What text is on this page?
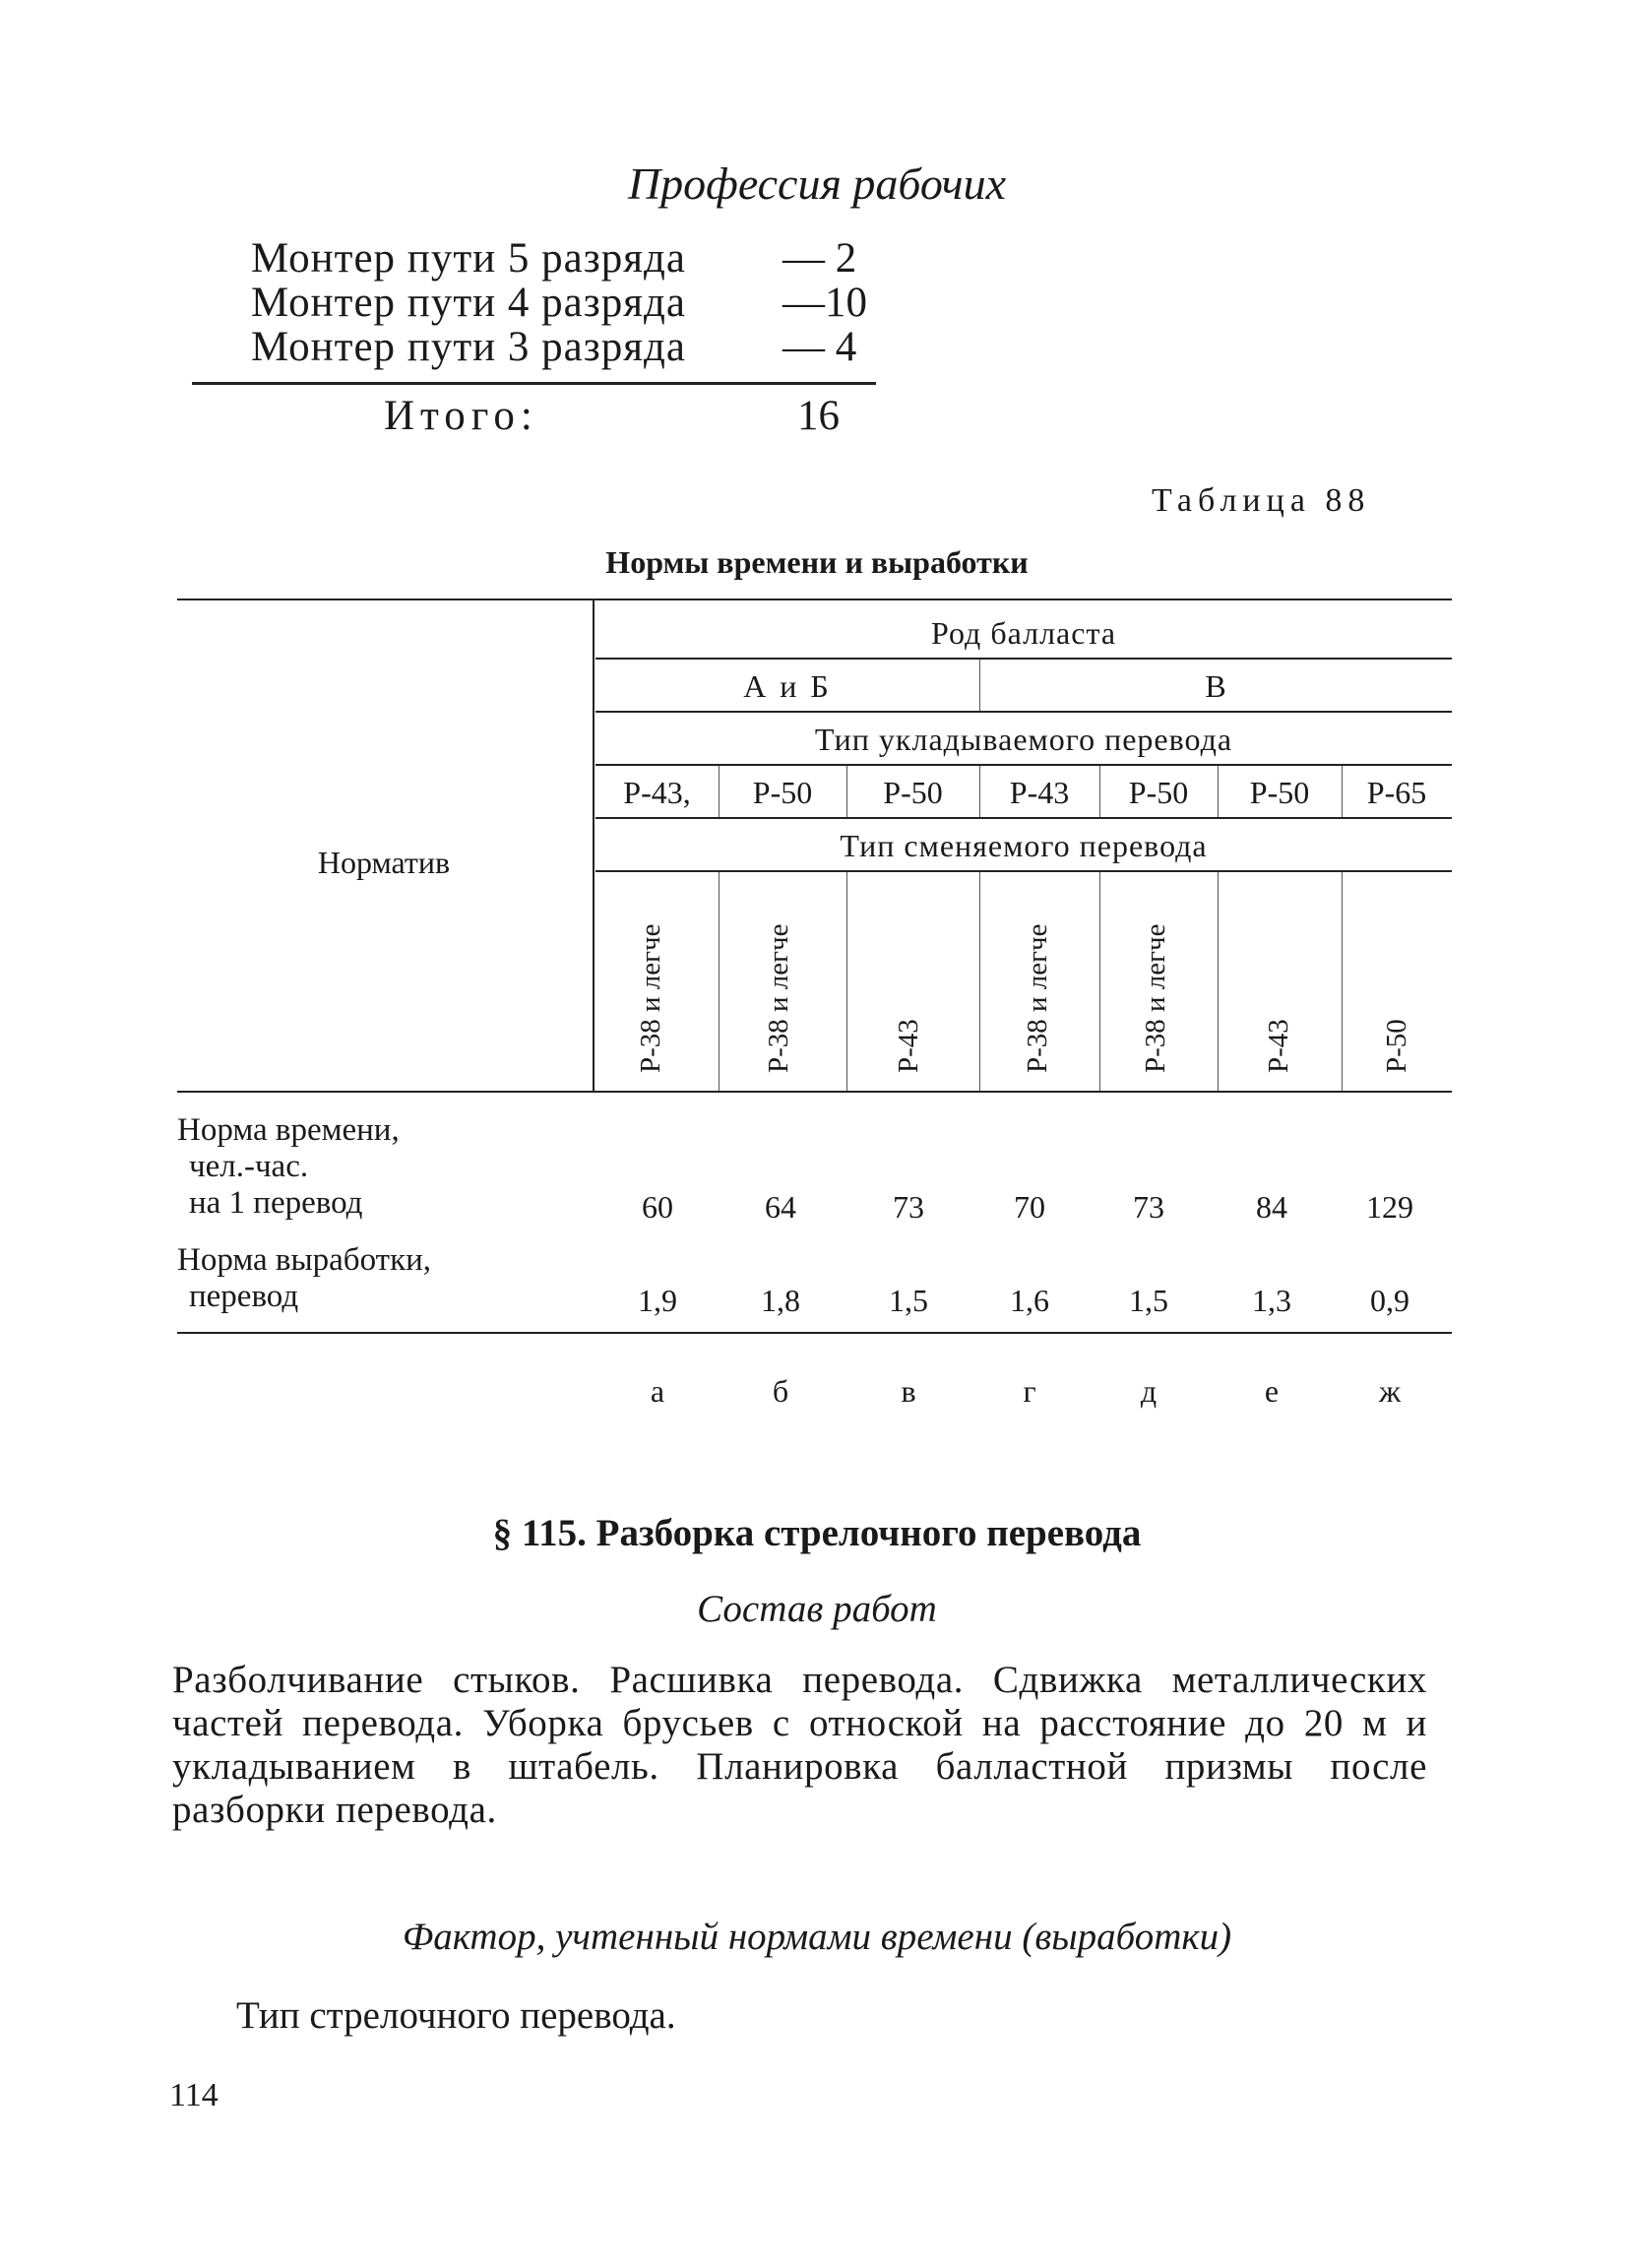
Профессия рабочих
Монтер пути 5 разряда	— 2
Монтер пути 4 разряда	—10
Монтер пути 3 разряда	— 4
Итого:	16
Таблица 88
Нормы времени и выработки
Норматив
Род балласта
А и Б	В
Тип укладываемого перевода
Р-43,	Р-50	Р-50	Р-43	Р-50	Р-50	Р-65
Тип сменяемого перевода
Р-38 и легче	Р-38 и легче	Р-43	Р-38 и легче	Р-38 и легче	Р-43	Р-50
Норма времени,
чел.-час.
на 1 перевод	60	64	73	70	73	84	129
Норма выработки,
перевод	1,9	1,8	1,5	1,6	1,5	1,3	0,9
а	б	в	г	д	е	ж
§ 115. Разборка стрелочного перевода
Состав работ
Разболчивание стыков. Расшивка перевода. Сдвижка металлических частей перевода. Уборка брусьев с отноской на расстояние до 20 м и укладыванием в штабель. Планировка балластной призмы после разборки перевода.
Фактор, учтенный нормами времени (выработки)
Тип стрелочного перевода.
114
